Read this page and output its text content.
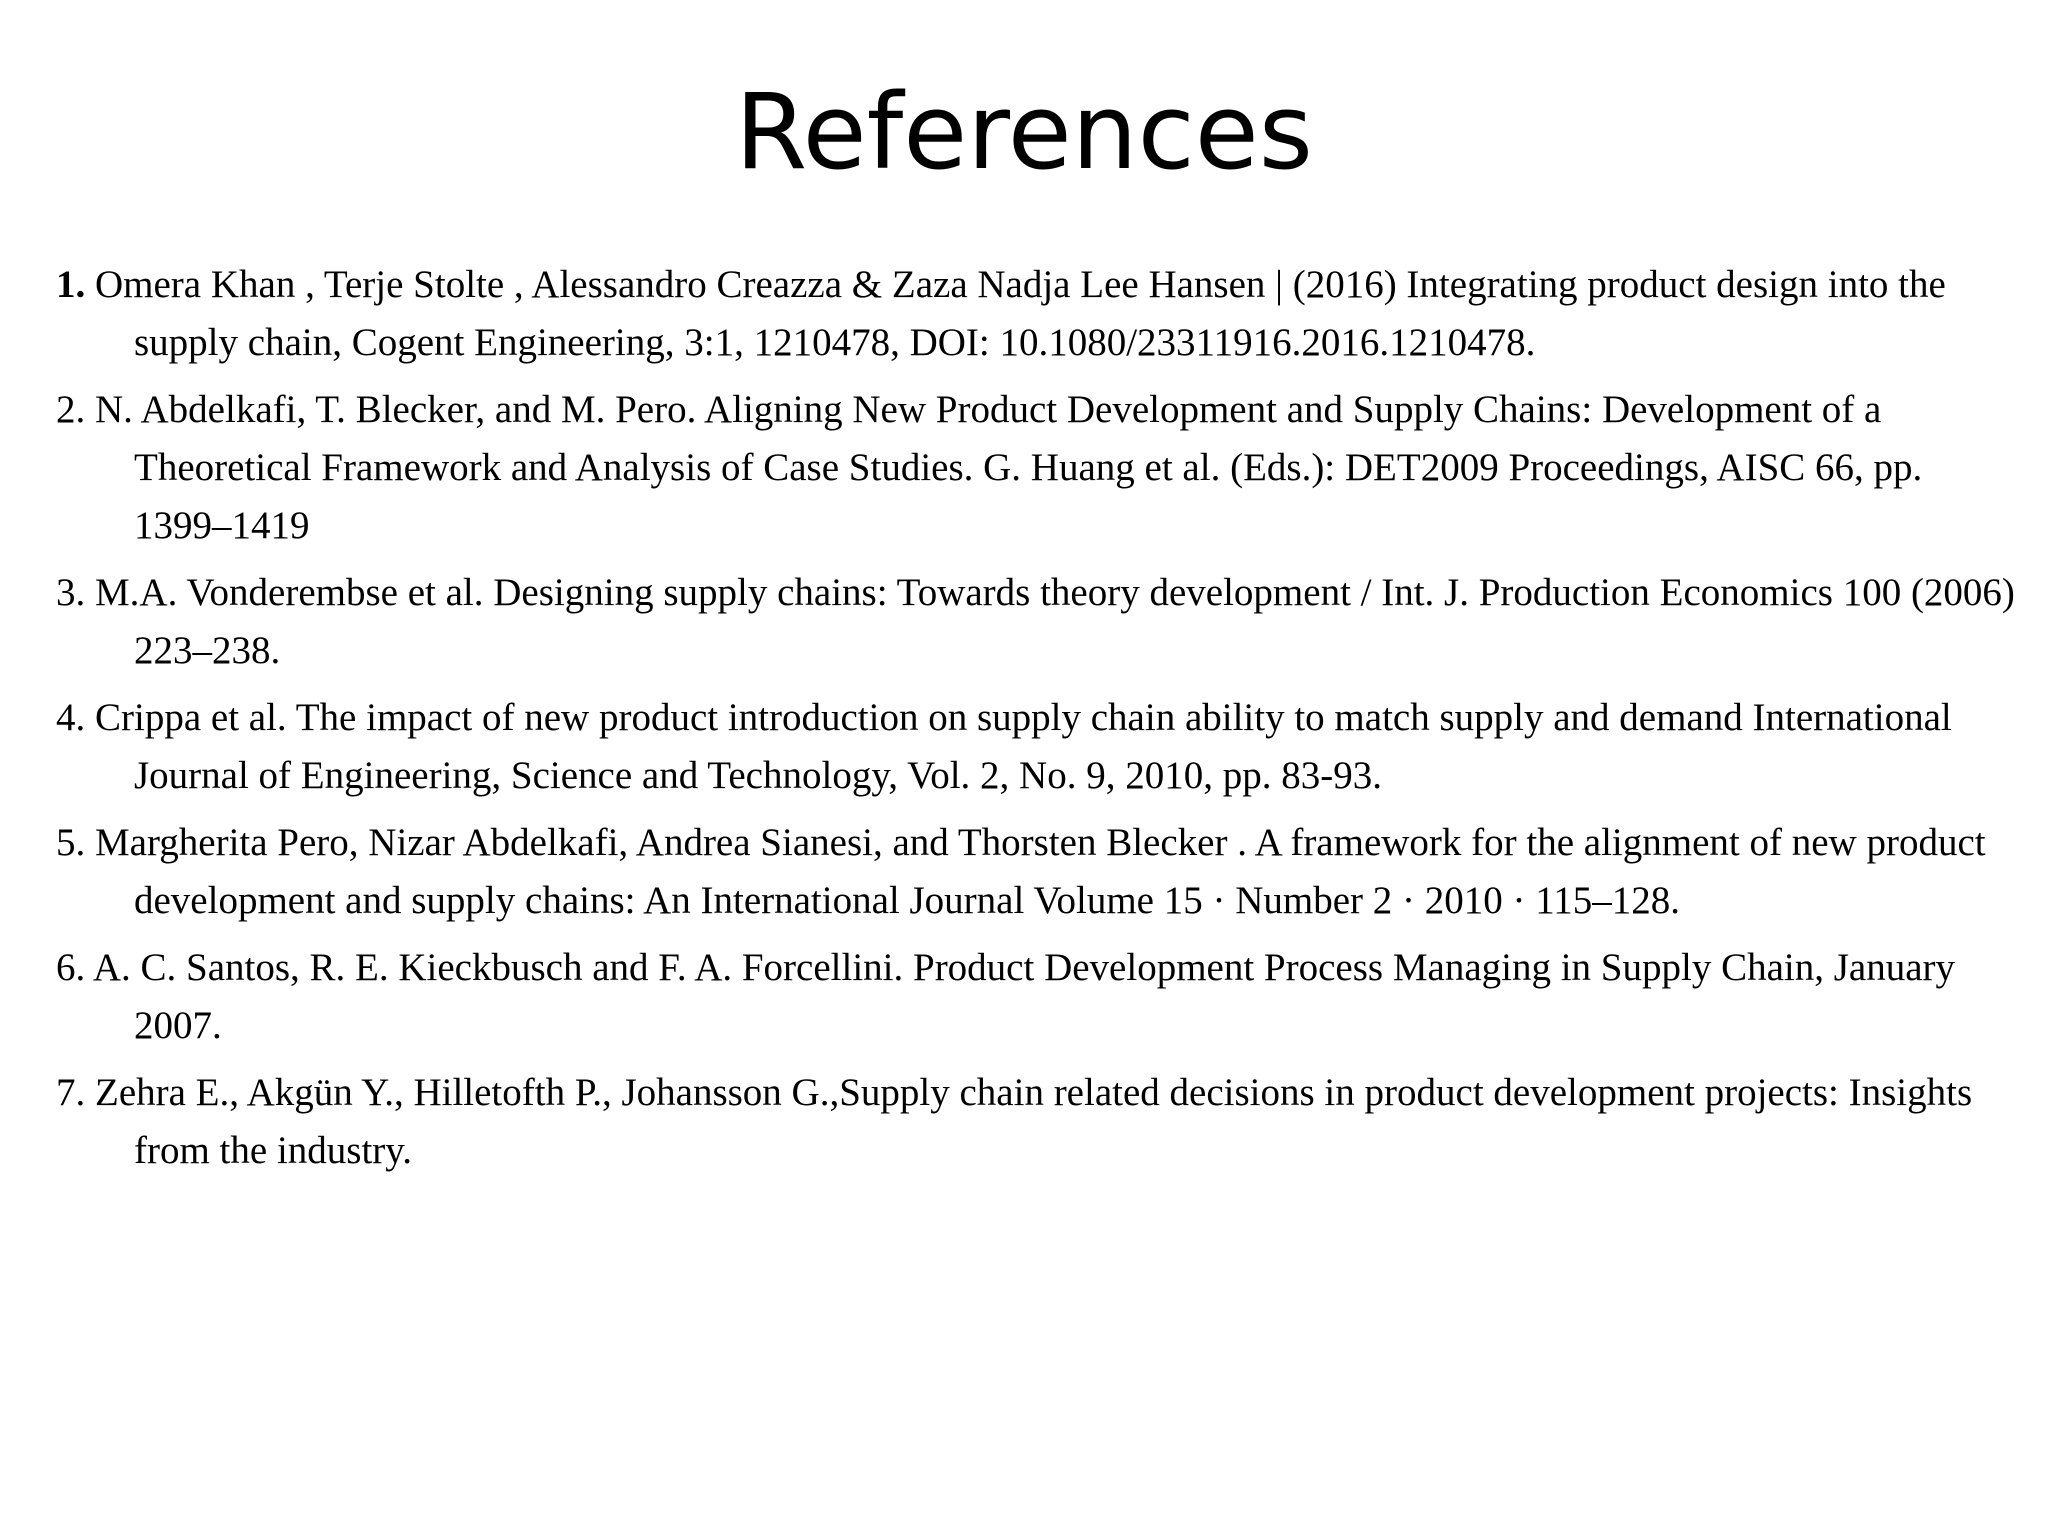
References
1. Omera Khan , Terje Stolte , Alessandro Creazza & Zaza Nadja Lee Hansen | (2016) Integrating product design into the supply chain, Cogent Engineering, 3:1, 1210478, DOI: 10.1080/23311916.2016.1210478.
2. N. Abdelkafi, T. Blecker, and M. Pero. Aligning New Product Development and Supply Chains: Development of a Theoretical Framework and Analysis of Case Studies. G. Huang et al. (Eds.): DET2009 Proceedings, AISC 66, pp. 1399–1419
3. M.A. Vonderembse et al. Designing supply chains: Towards theory development / Int. J. Production Economics 100 (2006) 223–238.
4. Crippa et al. The impact of new product introduction on supply chain ability to match supply and demand International Journal of Engineering, Science and Technology, Vol. 2, No. 9, 2010, pp. 83-93.
5. Margherita Pero, Nizar Abdelkafi, Andrea Sianesi, and Thorsten Blecker . A framework for the alignment of new product
development and supply chains: An International Journal Volume 15 · Number 2 · 2010 · 115–128.
6. A. C. Santos, R. E. Kieckbusch and F. A. Forcellini. Product Development Process Managing in Supply Chain, January 2007.
7. Zehra E., Akgün Y., Hilletofth P., Johansson G.,Supply chain related decisions in product development projects: Insights from the industry.
